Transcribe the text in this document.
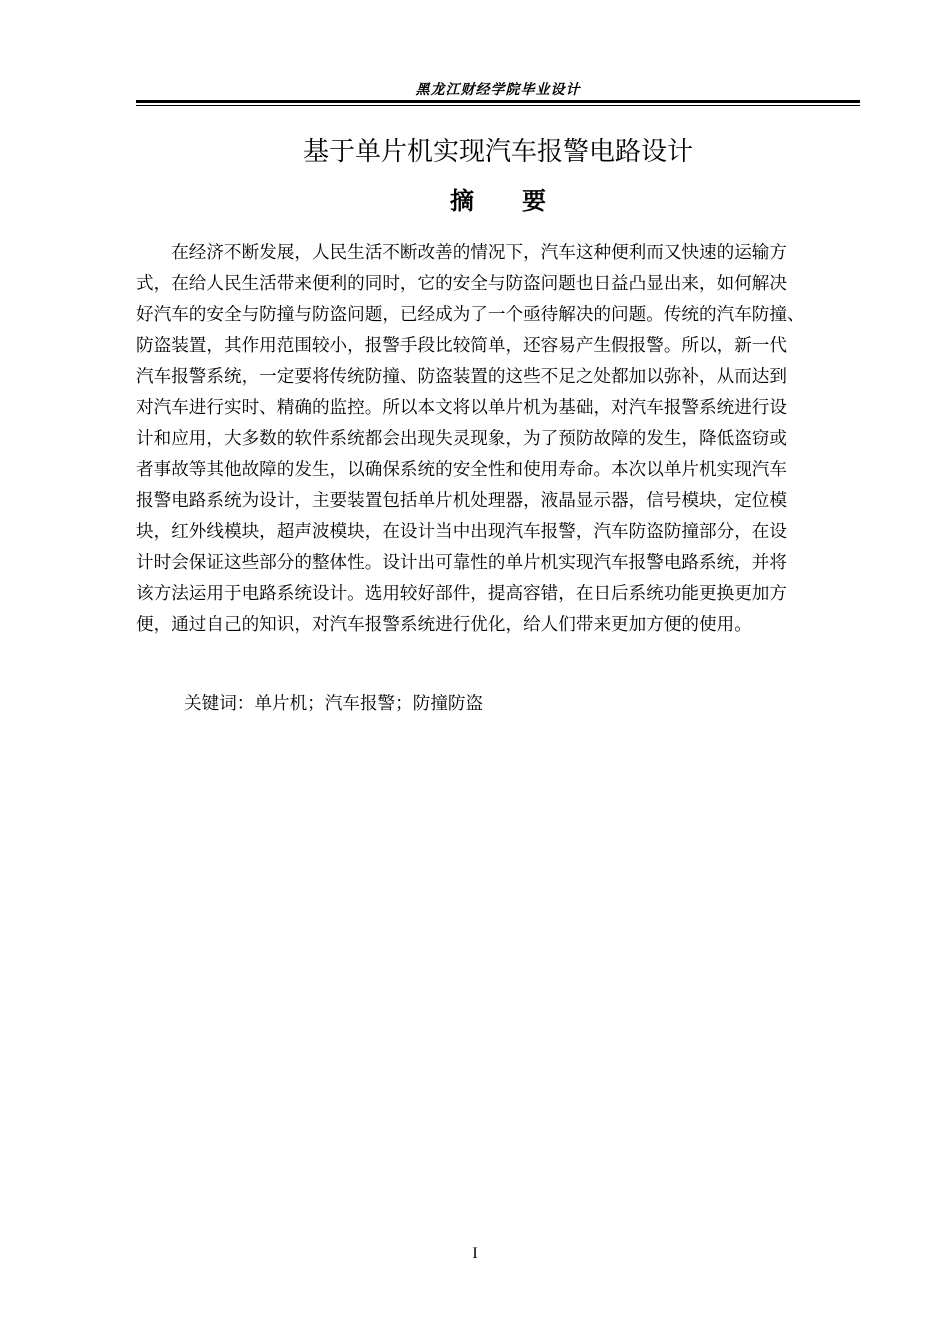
黑龙江财经学院毕业设计
基于单片机实现汽车报警电路设计
摘要
　　在经济不断发展，人民生活不断改善的情况下，汽车这种便利而又快速的运输方
式，在给人民生活带来便利的同时，它的安全与防盗问题也日益凸显出来，如何解决
好汽车的安全与防撞与防盗问题，已经成为了一个亟待解决的问题。传统的汽车防撞、
防盗装置，其作用范围较小，报警手段比较简单，还容易产生假报警。所以，新一代
汽车报警系统，一定要将传统防撞、防盗装置的这些不足之处都加以弥补，从而达到
对汽车进行实时、精确的监控。所以本文将以单片机为基础，对汽车报警系统进行设
计和应用，大多数的软件系统都会出现失灵现象，为了预防故障的发生，降低盗窃或
者事故等其他故障的发生，以确保系统的安全性和使用寿命。本次以单片机实现汽车
报警电路系统为设计，主要装置包括单片机处理器，液晶显示器，信号模块，定位模
块，红外线模块，超声波模块，在设计当中出现汽车报警，汽车防盗防撞部分，在设
计时会保证这些部分的整体性。设计出可靠性的单片机实现汽车报警电路系统，并将
该方法运用于电路系统设计。选用较好部件，提高容错，在日后系统功能更换更加方
便，通过自己的知识，对汽车报警系统进行优化，给人们带来更加方便的使用。
关键词：单片机；汽车报警；防撞防盗
I
